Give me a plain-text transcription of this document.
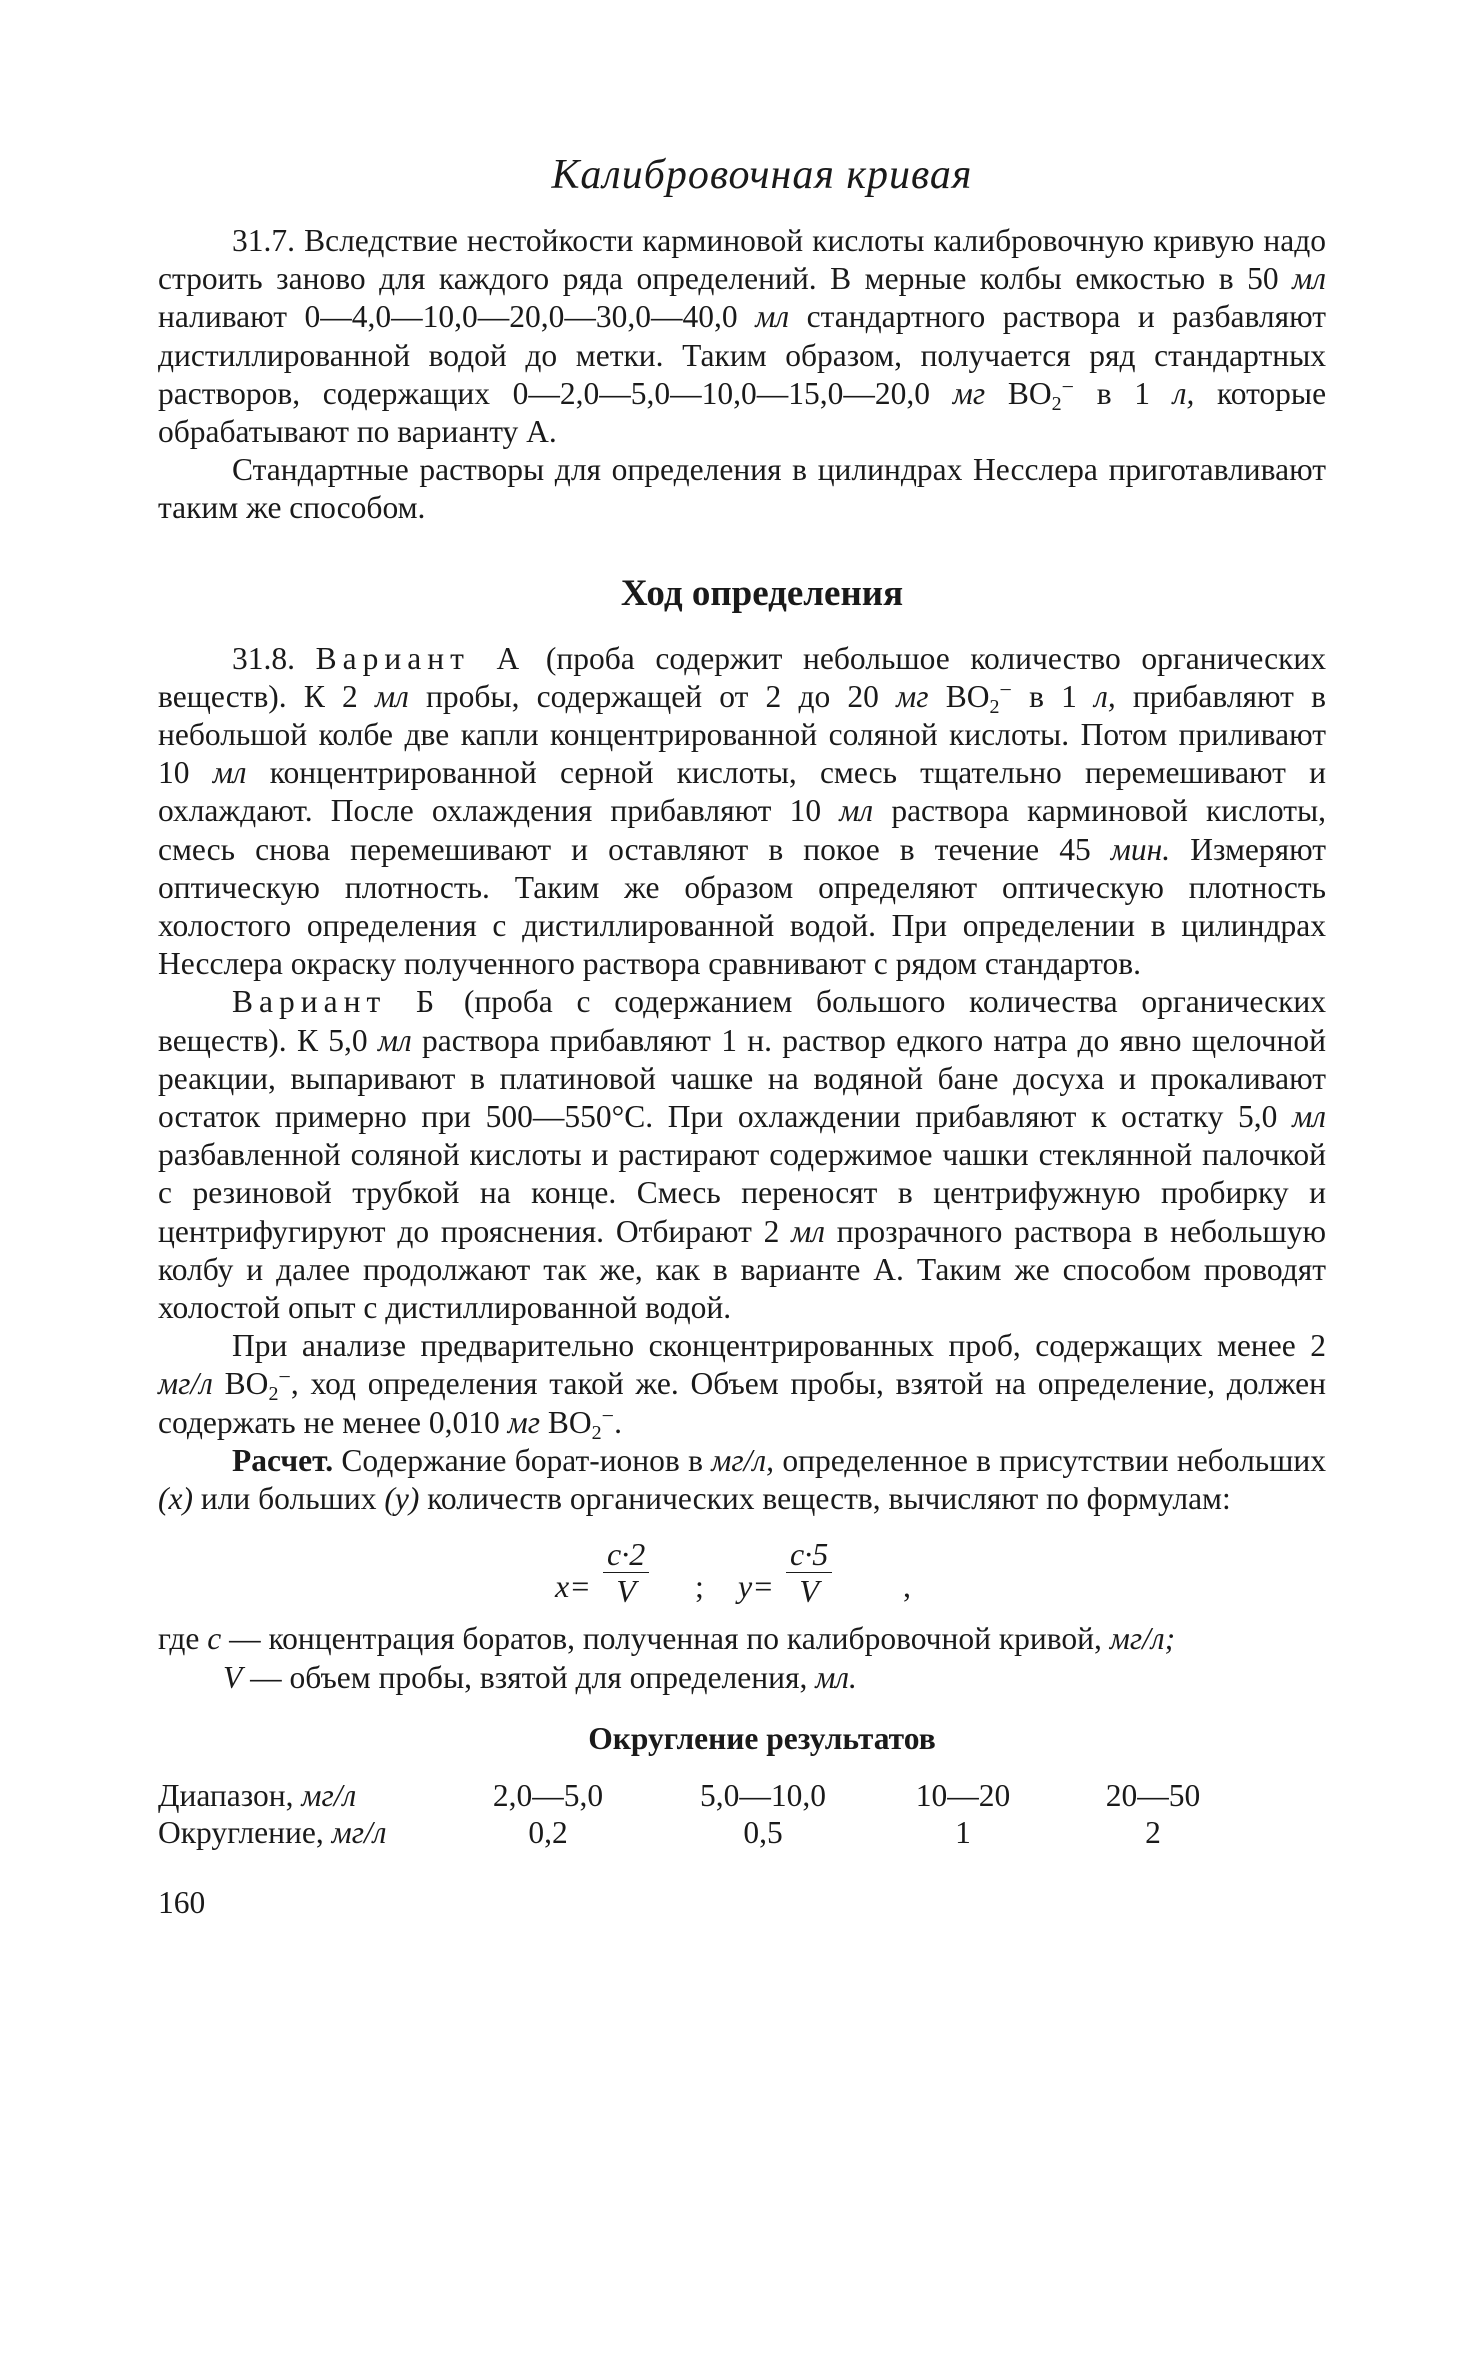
Калибровочная кривая

31.7. Вследствие нестойкости карминовой кислоты калибровочную кривую надо строить заново для каждого ряда определений. В мерные колбы емкостью в 50 мл наливают 0—4,0—10,0—20,0—30,0—40,0 мл стандартного раствора и разбавляют дистиллированной водой до метки. Таким образом, получается ряд стандартных растворов, содержащих 0—2,0—5,0—10,0—15,0—20,0 мг $BO_2^-$ в 1 л, которые обрабатывают по варианту А.

Стандартные растворы для определения в цилиндрах Несслера приготавливают таким же способом.

Ход определения

31.8. Вариант А (проба содержит небольшое количество органических веществ). К 2 мл пробы, содержащей от 2 до 20 мг $BO_2^-$ в 1 л, прибавляют в небольшой колбе две капли концентрированной соляной кислоты. Потом приливают 10 мл концентрированной серной кислоты, смесь тщательно перемешивают и охлаждают. После охлаждения прибавляют 10 мл раствора карминовой кислоты, смесь снова перемешивают и оставляют в покое в течение 45 мин. Измеряют оптическую плотность. Таким же образом определяют оптическую плотность холостого определения с дистиллированной водой. При определении в цилиндрах Несслера окраску полученного раствора сравнивают с рядом стандартов.

Вариант Б (проба с содержанием большого количества органических веществ). К 5,0 мл раствора прибавляют 1 н. раствор едкого натра до явно щелочной реакции, выпаривают в платиновой чашке на водяной бане досуха и прокаливают остаток примерно при 500—550°С. При охлаждении прибавляют к остатку 5,0 мл разбавленной соляной кислоты и растирают содержимое чашки стеклянной палочкой с резиновой трубкой на конце. Смесь переносят в центрифужную пробирку и центрифугируют до прояснения. Отбирают 2 мл прозрачного раствора в небольшую колбу и далее продолжают так же, как в варианте А. Таким же способом проводят холостой опыт с дистиллированной водой.

При анализе предварительно сконцентрированных проб, содержащих менее 2 мг/л $BO_2^-$, ход определения такой же. Объем пробы, взятой на определение, должен содержать не менее 0,010 мг $BO_2^-$.

Расчет. Содержание борат-ионов в мг/л, определенное в присутствии небольших (x) или больших (y) количеств органических веществ, вычисляют по формулам:

$x= \frac{c\cdot 2}{V}$ ; $y= \frac{c\cdot 5}{V}$ ,

где c — концентрация боратов, полученная по калибровочной кривой, мг/л;

V — объем пробы, взятой для определения, мл.

Округление результатов
Диапазон, мг/л	2,0—5,0	5,0—10,0	10—20	20—50
Округление, мг/л	0,2	0,5	1	2
160
